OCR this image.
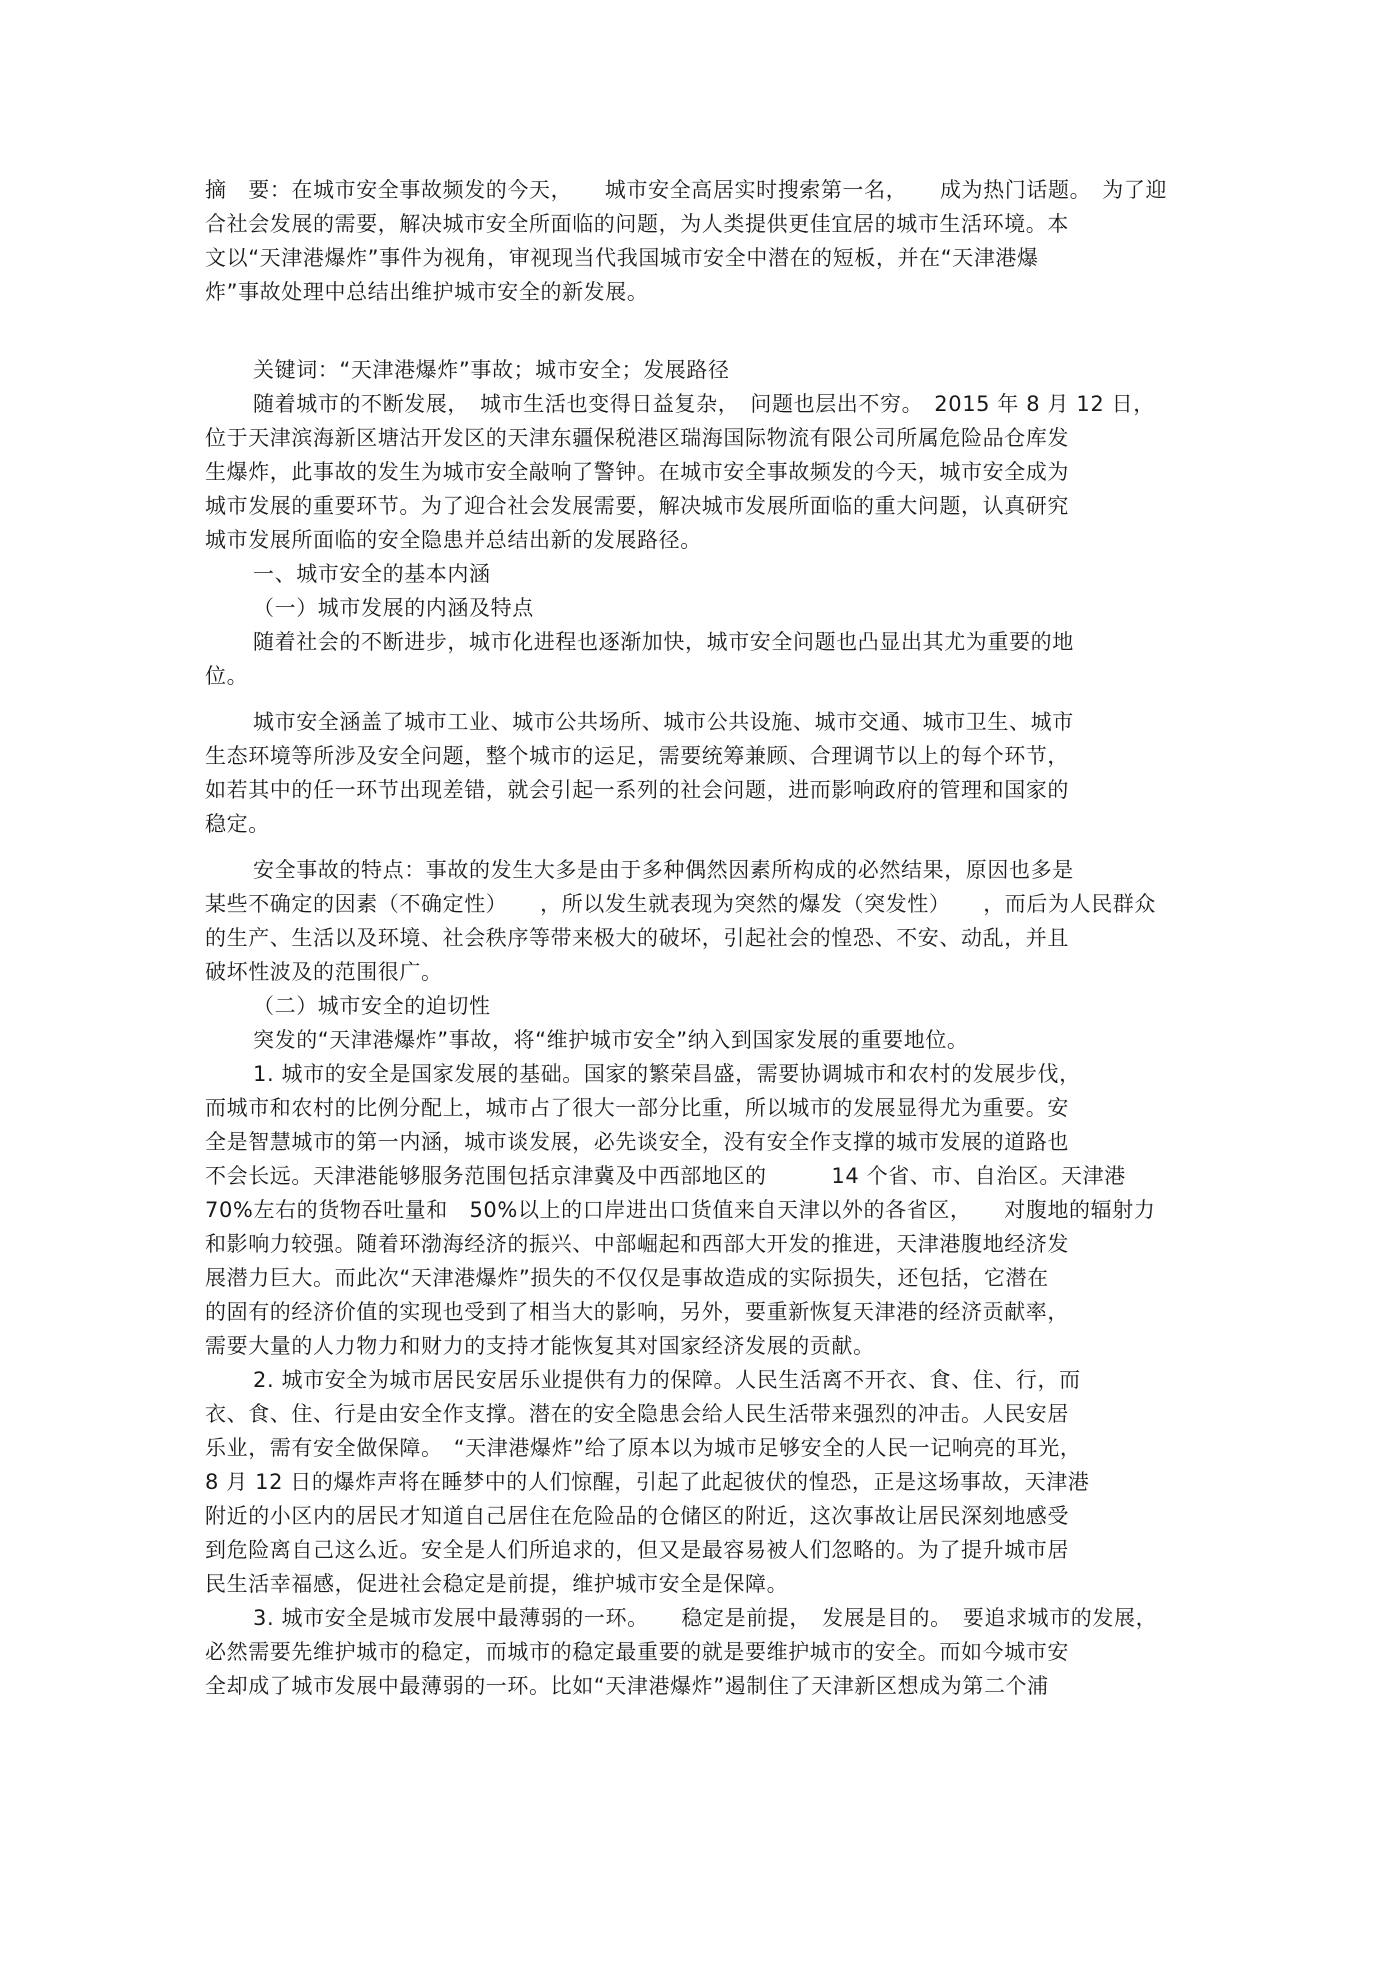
摘　要：在城市安全事故频发的今天，　　城市安全高居实时搜索第一名，　　成为热门话题。　为了迎
合社会发展的需要，解决城市安全所面临的问题，为人类提供更佳宜居的城市生活环境。本
文以“天津港爆炸”事件为视角，审视现当代我国城市安全中潜在的短板，并在“天津港爆
炸”事故处理中总结出维护城市安全的新发展。
关键词：“天津港爆炸”事故；城市安全；发展路径
随着城市的不断发展，　城市生活也变得日益复杂，　问题也层出不穷。　2015 年 8 月 12 日，
位于天津滨海新区塘沽开发区的天津东疆保税港区瑞海国际物流有限公司所属危险品仓库发
生爆炸，此事故的发生为城市安全敲响了警钟。在城市安全事故频发的今天，城市安全成为
城市发展的重要环节。为了迎合社会发展需要，解决城市发展所面临的重大问题，认真研究
城市发展所面临的安全隐患并总结出新的发展路径。
一、城市安全的基本内涵
（一）城市发展的内涵及特点
随着社会的不断进步，城市化进程也逐渐加快，城市安全问题也凸显出其尤为重要的地
位。
城市安全涵盖了城市工业、城市公共场所、城市公共设施、城市交通、城市卫生、城市
生态环境等所涉及安全问题，整个城市的运足，需要统筹兼顾、合理调节以上的每个环节，
如若其中的任一环节出现差错，就会引起一系列的社会问题，进而影响政府的管理和国家的
稳定。
安全事故的特点：事故的发生大多是由于多种偶然因素所构成的必然结果，原因也多是
某些不确定的因素（不确定性）　　，所以发生就表现为突然的爆发（突发性）　　，而后为人民群众
的生产、生活以及环境、社会秩序等带来极大的破坏，引起社会的惶恐、不安、动乱，并且
破坏性波及的范围很广。
（二）城市安全的迫切性
突发的“天津港爆炸”事故，将“维护城市安全”纳入到国家发展的重要地位。
1. 城市的安全是国家发展的基础。国家的繁荣昌盛，需要协调城市和农村的发展步伐，
而城市和农村的比例分配上，城市占了很大一部分比重，所以城市的发展显得尤为重要。安
全是智慧城市的第一内涵，城市谈发展，必先谈安全，没有安全作支撑的城市发展的道路也
不会长远。天津港能够服务范围包括京津冀及中西部地区的　　　14 个省、市、自治区。天津港
70%左右的货物吞吐量和　50%以上的口岸进出口货值来自天津以外的各省区，　　对腹地的辐射力
和影响力较强。随着环渤海经济的振兴、中部崛起和西部大开发的推进，天津港腹地经济发
展潜力巨大。而此次“天津港爆炸”损失的不仅仅是事故造成的实际损失，还包括，它潜在
的固有的经济价值的实现也受到了相当大的影响，另外，要重新恢复天津港的经济贡献率，
需要大量的人力物力和财力的支持才能恢复其对国家经济发展的贡献。
2. 城市安全为城市居民安居乐业提供有力的保障。人民生活离不开衣、食、住、行，而
衣、食、住、行是由安全作支撑。潜在的安全隐患会给人民生活带来强烈的冲击。人民安居
乐业，需有安全做保障。　“天津港爆炸”给了原本以为城市足够安全的人民一记响亮的耳光，
8 月 12 日的爆炸声将在睡梦中的人们惊醒，引起了此起彼伏的惶恐，正是这场事故，天津港
附近的小区内的居民才知道自己居住在危险品的仓储区的附近，这次事故让居民深刻地感受
到危险离自己这么近。安全是人们所追求的，但又是最容易被人们忽略的。为了提升城市居
民生活幸福感，促进社会稳定是前提，维护城市安全是保障。
3. 城市安全是城市发展中最薄弱的一环。　　稳定是前提，　发展是目的。　要追求城市的发展，
必然需要先维护城市的稳定，而城市的稳定最重要的就是要维护城市的安全。而如今城市安
全却成了城市发展中最薄弱的一环。比如“天津港爆炸”遏制住了天津新区想成为第二个浦
